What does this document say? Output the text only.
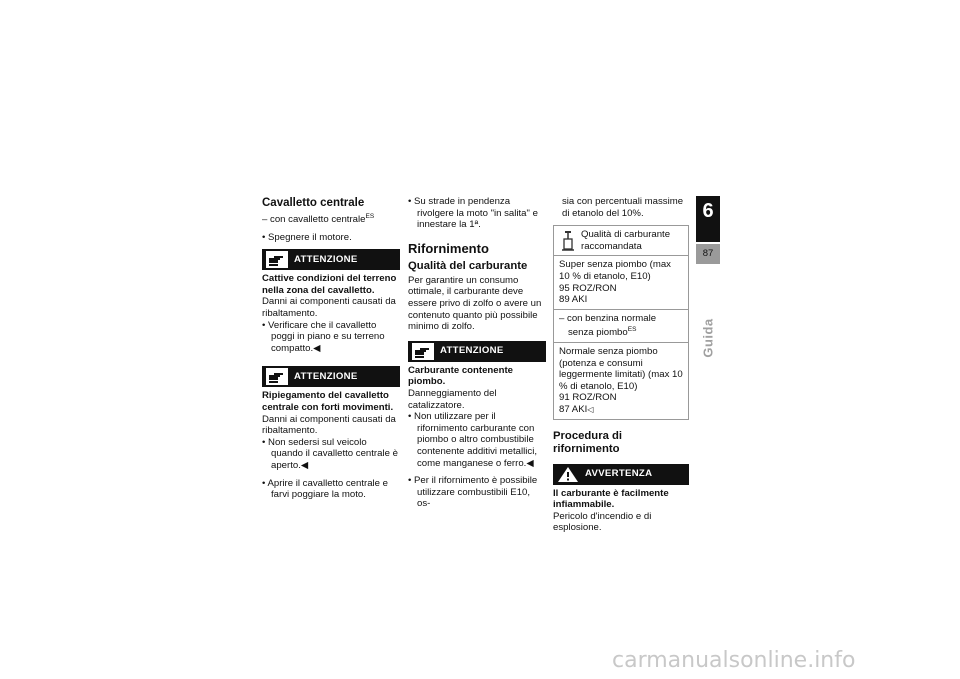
Cavalletto centrale
– con cavalletto centrale$^{ES}$
• Spegnere il motore.
ATTENZIONE
Cattive condizioni del terreno nella zona del cavalletto.
Danni ai componenti causati da ribaltamento.
• Verificare che il cavalletto poggi in piano e su terreno compatto.◀
ATTENZIONE
Ripiegamento del cavalletto centrale con forti movimenti.
Danni ai componenti causati da ribaltamento.
• Non sedersi sul veicolo quando il cavalletto centrale è aperto.◀
• Aprire il cavalletto centrale e farvi poggiare la moto.
• Su strade in pendenza rivolgere la moto "in salita" e innestare la 1ª.
Rifornimento
Qualità del carburante
Per garantire un consumo ottimale, il carburante deve essere privo di zolfo o avere un contenuto quanto più possibile minimo di zolfo.
ATTENZIONE
Carburante contenente piombo.
Danneggiamento del catalizzatore.
• Non utilizzare per il rifornimento carburante con piombo o altro combustibile contenente additivi metallici, come manganese o ferro.◀
• Per il rifornimento è possibile utilizzare combustibili E10, os-
sia con percentuali massime di etanolo del 10%.
Qualità di carburante raccomandata
Super senza piombo (max
10 % di etanolo, E10)
95 ROZ/RON
89 AKI
– con benzina normale senza piombo$^{ES}$
Normale senza piombo (potenza e consumi leggermente limitati) (max 10 % di etanolo, E10)
91 ROZ/RON
87 AKI◁
Procedura di rifornimento
AVVERTENZA
Il carburante è facilmente infiammabile.
Pericolo d'incendio e di esplosione.
6
87
Guida
carmanualsonline.info
